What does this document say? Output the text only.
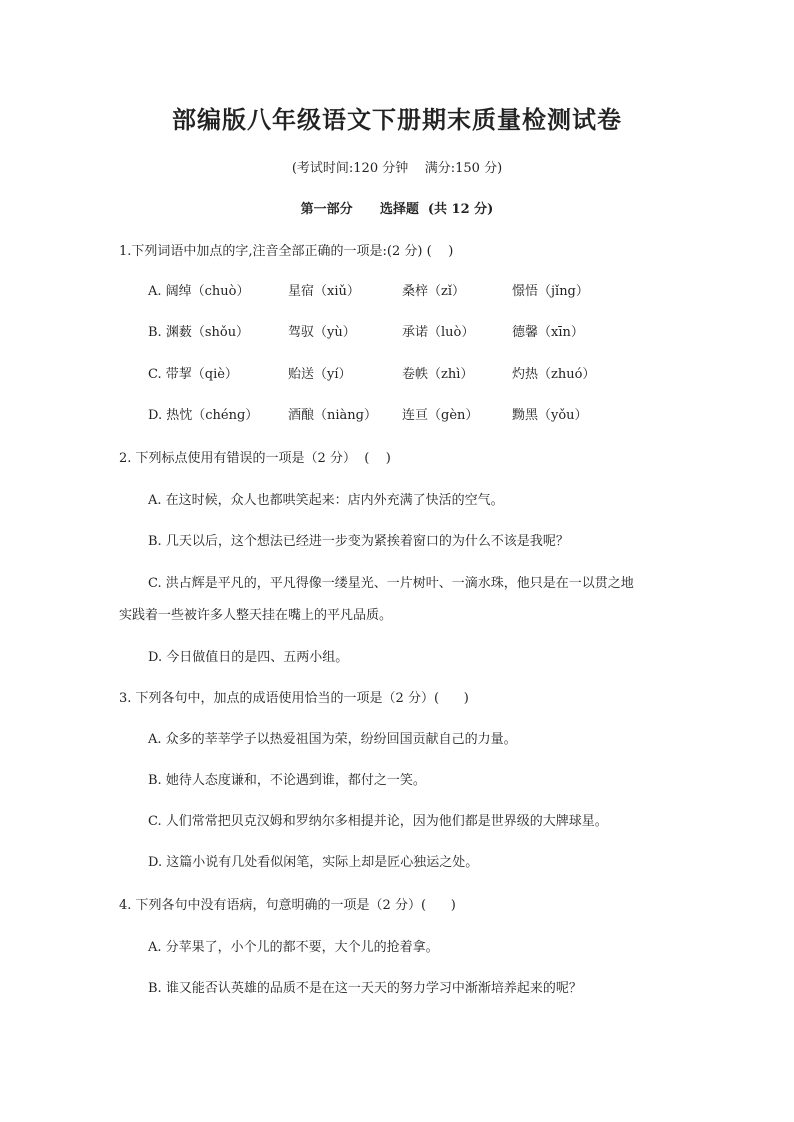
部编版八年级语文下册期末质量检测试卷
(考试时间:120 分钟    满分:150 分)
第一部分      选择题  (共 12 分)
1.下列词语中加点的字,注音全部正确的一项是:(2 分) (    )
A. 阔绰（chuò）	星宿（xiǔ）	桑梓（zǐ）	憬悟（jǐng）
B. 渊薮（shǒu）	驾驭（yù）	承诺（luò）	德馨（xīn）
C. 带挈（qiè）	贻送（yí）	卷帙（zhì）	灼热（zhuó）
D. 热忱（chénɡ） 酒酿（niànɡ） 连亘（gèn）	黝黑（yǒu）
2. 下列标点使用有错误的一项是（2 分）  (    )
A. 在这时候，众人也都哄笑起来：店内外充满了快活的空气。
B. 几天以后，这个想法已经进一步变为紧挨着窗口的为什么不该是我呢？
C. 洪占辉是平凡的，平凡得像一缕星光、一片树叶、一滴水珠，他只是在一以贯之地
实践着一些被许多人整天挂在嘴上的平凡品质。
D. 今日做值日的是四、五两小组。
3. 下列各句中，加点的成语使用恰当的一项是（2 分）(      )
A. 众多的莘莘学子以热爱祖国为荣，纷纷回国贡献自己的力量。
B. 她待人态度谦和，不论遇到谁，都付之一笑。
C. 人们常常把贝克汉姆和罗纳尔多相提并论，因为他们都是世界级的大牌球星。
D. 这篇小说有几处看似闲笔，实际上却是匠心独运之处。
4. 下列各句中没有语病，句意明确的一项是（2 分）(      )
A. 分苹果了，小个儿的都不要，大个儿的抢着拿。
B. 谁又能否认英雄的品质不是在这一天天的努力学习中渐渐培养起来的呢？
